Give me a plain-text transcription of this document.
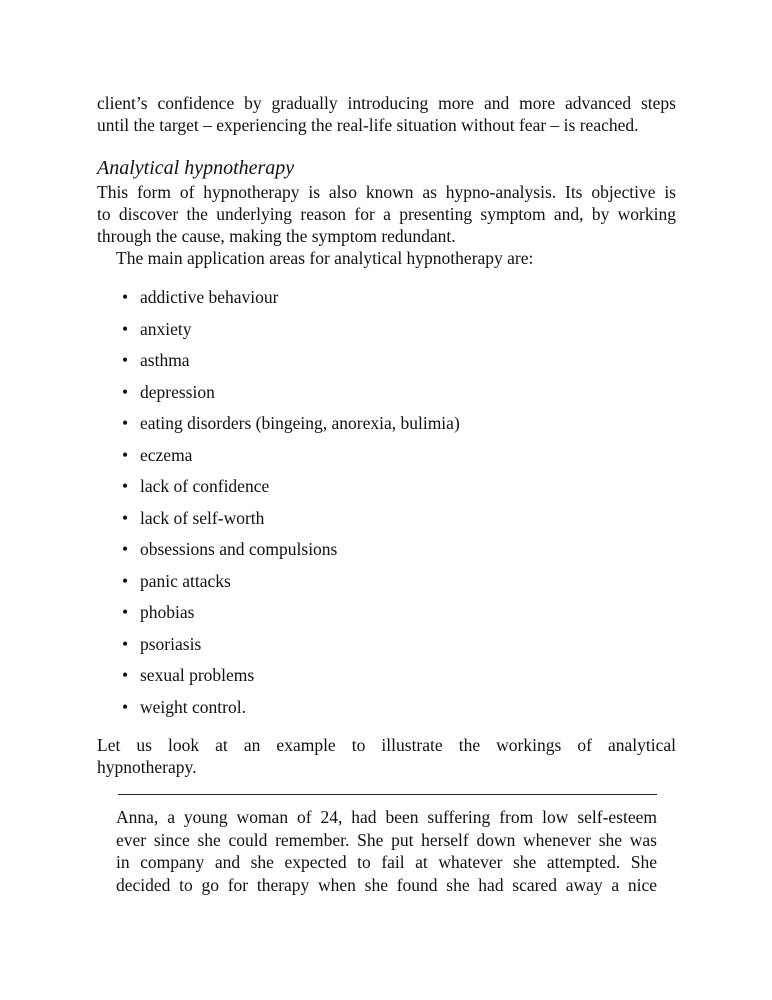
client’s confidence by gradually introducing more and more advanced steps
until the target – experiencing the real-life situation without fear – is reached.

Analytical hypnotherapy

This form of hypnotherapy is also known as hypno-analysis. Its objective is
to discover the underlying reason for a presenting symptom and, by working
through the cause, making the symptom redundant.

The main application areas for analytical hypnotherapy are:

• addictive behaviour
• anxiety
• asthma
• depression
• eating disorders (bingeing, anorexia, bulimia)
• eczema
• lack of confidence
• lack of self-worth
• obsessions and compulsions
• panic attacks
• phobias
• psoriasis
• sexual problems
• weight control.

Let us look at an example to illustrate the workings of analytical
hypnotherapy.

Anna, a young woman of 24, had been suffering from low self-esteem
ever since she could remember. She put herself down whenever she was
in company and she expected to fail at whatever she attempted. She
decided to go for therapy when she found she had scared away a nice
